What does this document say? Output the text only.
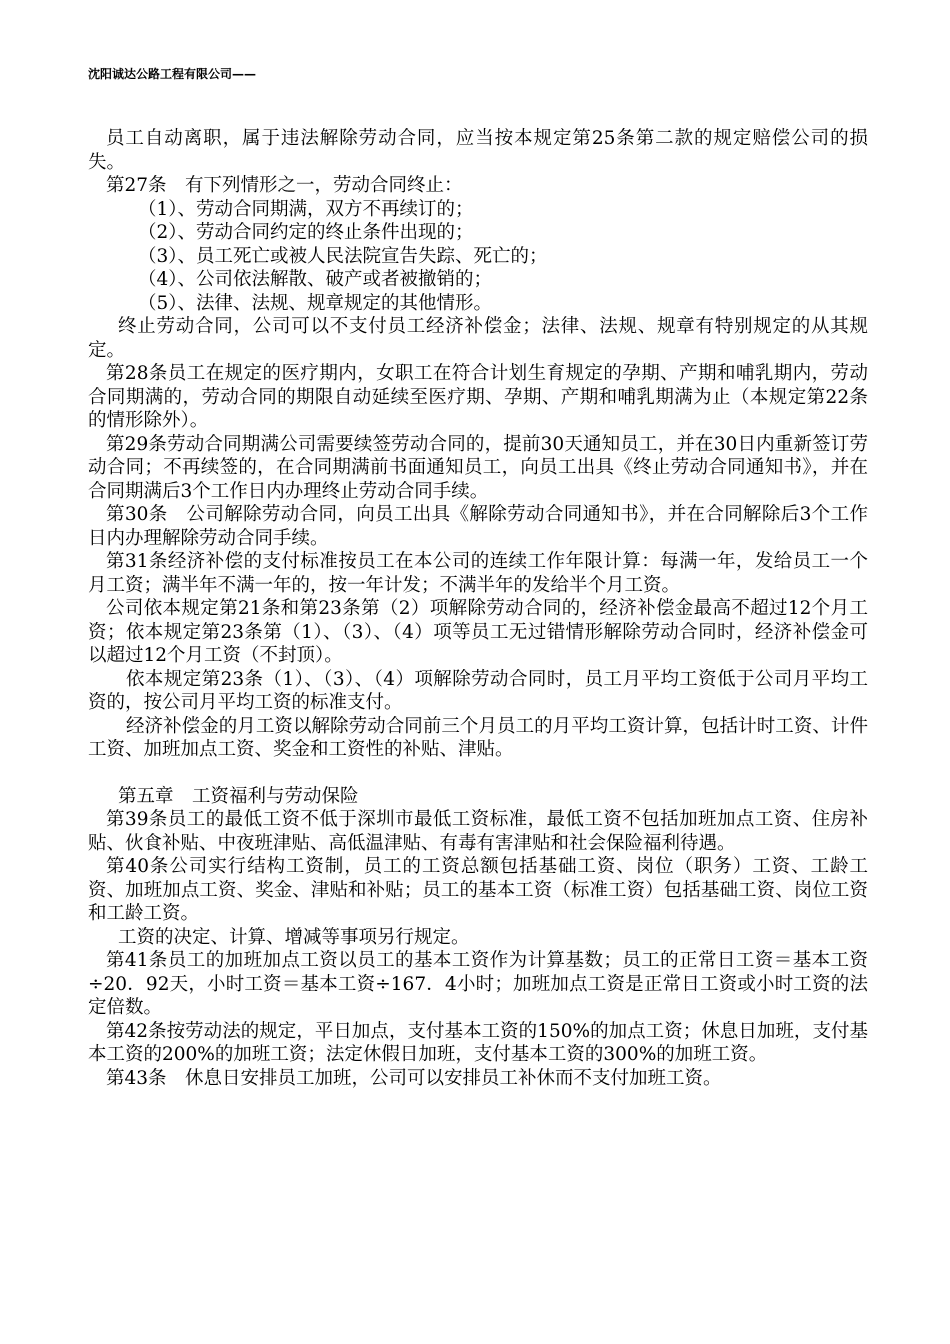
沈阳诚达公路工程有限公司——

员工自动离职，属于违法解除劳动合同，应当按本规定第25条第二款的规定赔偿公司的损失。

第27条　有下列情形之一，劳动合同终止：

（1）、劳动合同期满，双方不再续订的；

（2）、劳动合同约定的终止条件出现的；

（3）、员工死亡或被人民法院宣告失踪、死亡的；

（4）、公司依法解散、破产或者被撤销的；

（5）、法律、法规、规章规定的其他情形。

终止劳动合同，公司可以不支付员工经济补偿金；法律、法规、规章有特别规定的从其规定。

第28条员工在规定的医疗期内，女职工在符合计划生育规定的孕期、产期和哺乳期内，劳动合同期满的，劳动合同的期限自动延续至医疗期、孕期、产期和哺乳期满为止（本规定第22条的情形除外）。

第29条劳动合同期满公司需要续签劳动合同的，提前30天通知员工，并在30日内重新签订劳动合同；不再续签的，在合同期满前书面通知员工，向员工出具《终止劳动合同通知书》，并在合同期满后3个工作日内办理终止劳动合同手续。

第30条　公司解除劳动合同，向员工出具《解除劳动合同通知书》，并在合同解除后3个工作日内办理解除劳动合同手续。

第31条经济补偿的支付标准按员工在本公司的连续工作年限计算：每满一年，发给员工一个月工资；满半年不满一年的，按一年计发；不满半年的发给半个月工资。

公司依本规定第21条和第23条第（2）项解除劳动合同的，经济补偿金最高不超过12个月工资；依本规定第23条第（1）、（3）、（4）项等员工无过错情形解除劳动合同时，经济补偿金可以超过12个月工资（不封顶）。

依本规定第23条（1）、（3）、（4）项解除劳动合同时，员工月平均工资低于公司月平均工资的，按公司月平均工资的标准支付。

经济补偿金的月工资以解除劳动合同前三个月员工的月平均工资计算，包括计时工资、计件工资、加班加点工资、奖金和工资性的补贴、津贴。

第五章　工资福利与劳动保险

第39条员工的最低工资不低于深圳市最低工资标准，最低工资不包括加班加点工资、住房补贴、伙食补贴、中夜班津贴、高低温津贴、有毒有害津贴和社会保险福利待遇。

第40条公司实行结构工资制，员工的工资总额包括基础工资、岗位（职务）工资、工龄工资、加班加点工资、奖金、津贴和补贴；员工的基本工资（标准工资）包括基础工资、岗位工资和工龄工资。

工资的决定、计算、增减等事项另行规定。

第41条员工的加班加点工资以员工的基本工资作为计算基数；员工的正常日工资＝基本工资÷20．92天，小时工资＝基本工资÷167．4小时；加班加点工资是正常日工资或小时工资的法定倍数。

第42条按劳动法的规定，平日加点，支付基本工资的150%的加点工资；休息日加班，支付基本工资的200%的加班工资；法定休假日加班，支付基本工资的300%的加班工资。

第43条　休息日安排员工加班，公司可以安排员工补休而不支付加班工资。
